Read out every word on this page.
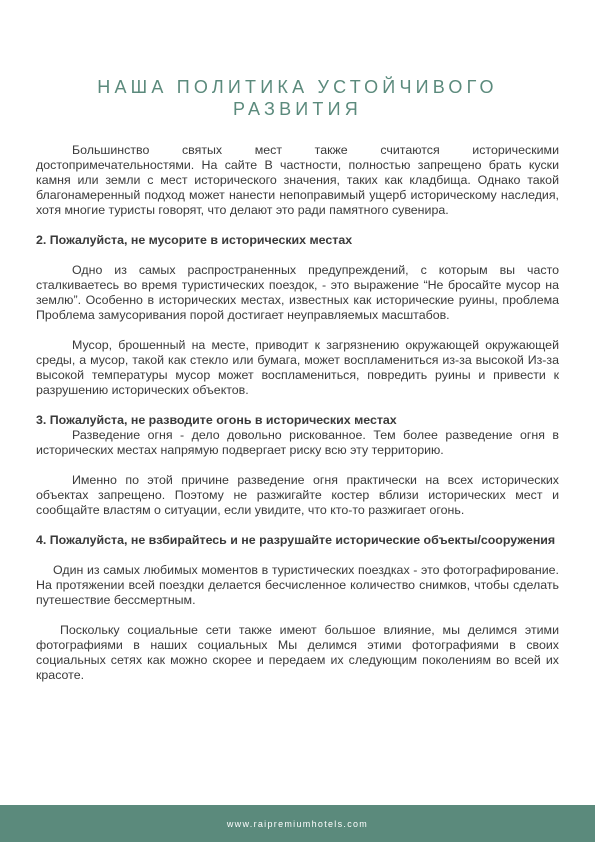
НАША ПОЛИТИКА УСТОЙЧИВОГО
РАЗВИТИЯ

Большинство святых мест также считаются историческими достопримечательностями. На сайте В частности, полностью запрещено брать куски камня или земли с мест исторического значения, таких как кладбища. Однако такой благонамеренный подход может нанести непоправимый ущерб историческому наследия, хотя многие туристы говорят, что делают это ради памятного сувенира.

2. Пожалуйста, не мусорите в исторических местах

Одно из самых распространенных предупреждений, с которым вы часто сталкиваетесь во время туристических поездок, - это выражение “Не бросайте мусор на землю”. Особенно в исторических местах, известных как исторические руины, проблема Проблема замусоривания порой достигает неуправляемых масштабов.

Мусор, брошенный на месте, приводит к загрязнению окружающей окружающей среды, а мусор, такой как стекло или бумага, может воспламениться из-за высокой Из-за высокой температуры мусор может воспламениться, повредить руины и привести к разрушению исторических объектов.

3. Пожалуйста, не разводите огонь в исторических местах

Разведение огня - дело довольно рискованное. Тем более разведение огня в исторических местах напрямую подвергает риску всю эту территорию.

Именно по этой причине разведение огня практически на всех исторических объектах запрещено. Поэтому не разжигайте костер вблизи исторических мест и сообщайте властям о ситуации, если увидите, что кто-то разжигает огонь.

4. Пожалуйста, не взбирайтесь и не разрушайте исторические объекты/сооружения

Один из самых любимых моментов в туристических поездках - это фотографирование. На протяжении всей поездки делается бесчисленное количество снимков, чтобы сделать путешествие бессмертным.

Поскольку социальные сети также имеют большое влияние, мы делимся этими фотографиями в наших социальных Мы делимся этими фотографиями в своих социальных сетях как можно скорее и передаем их следующим поколениям во всей их красоте.

www.raipremiumhotels.com
